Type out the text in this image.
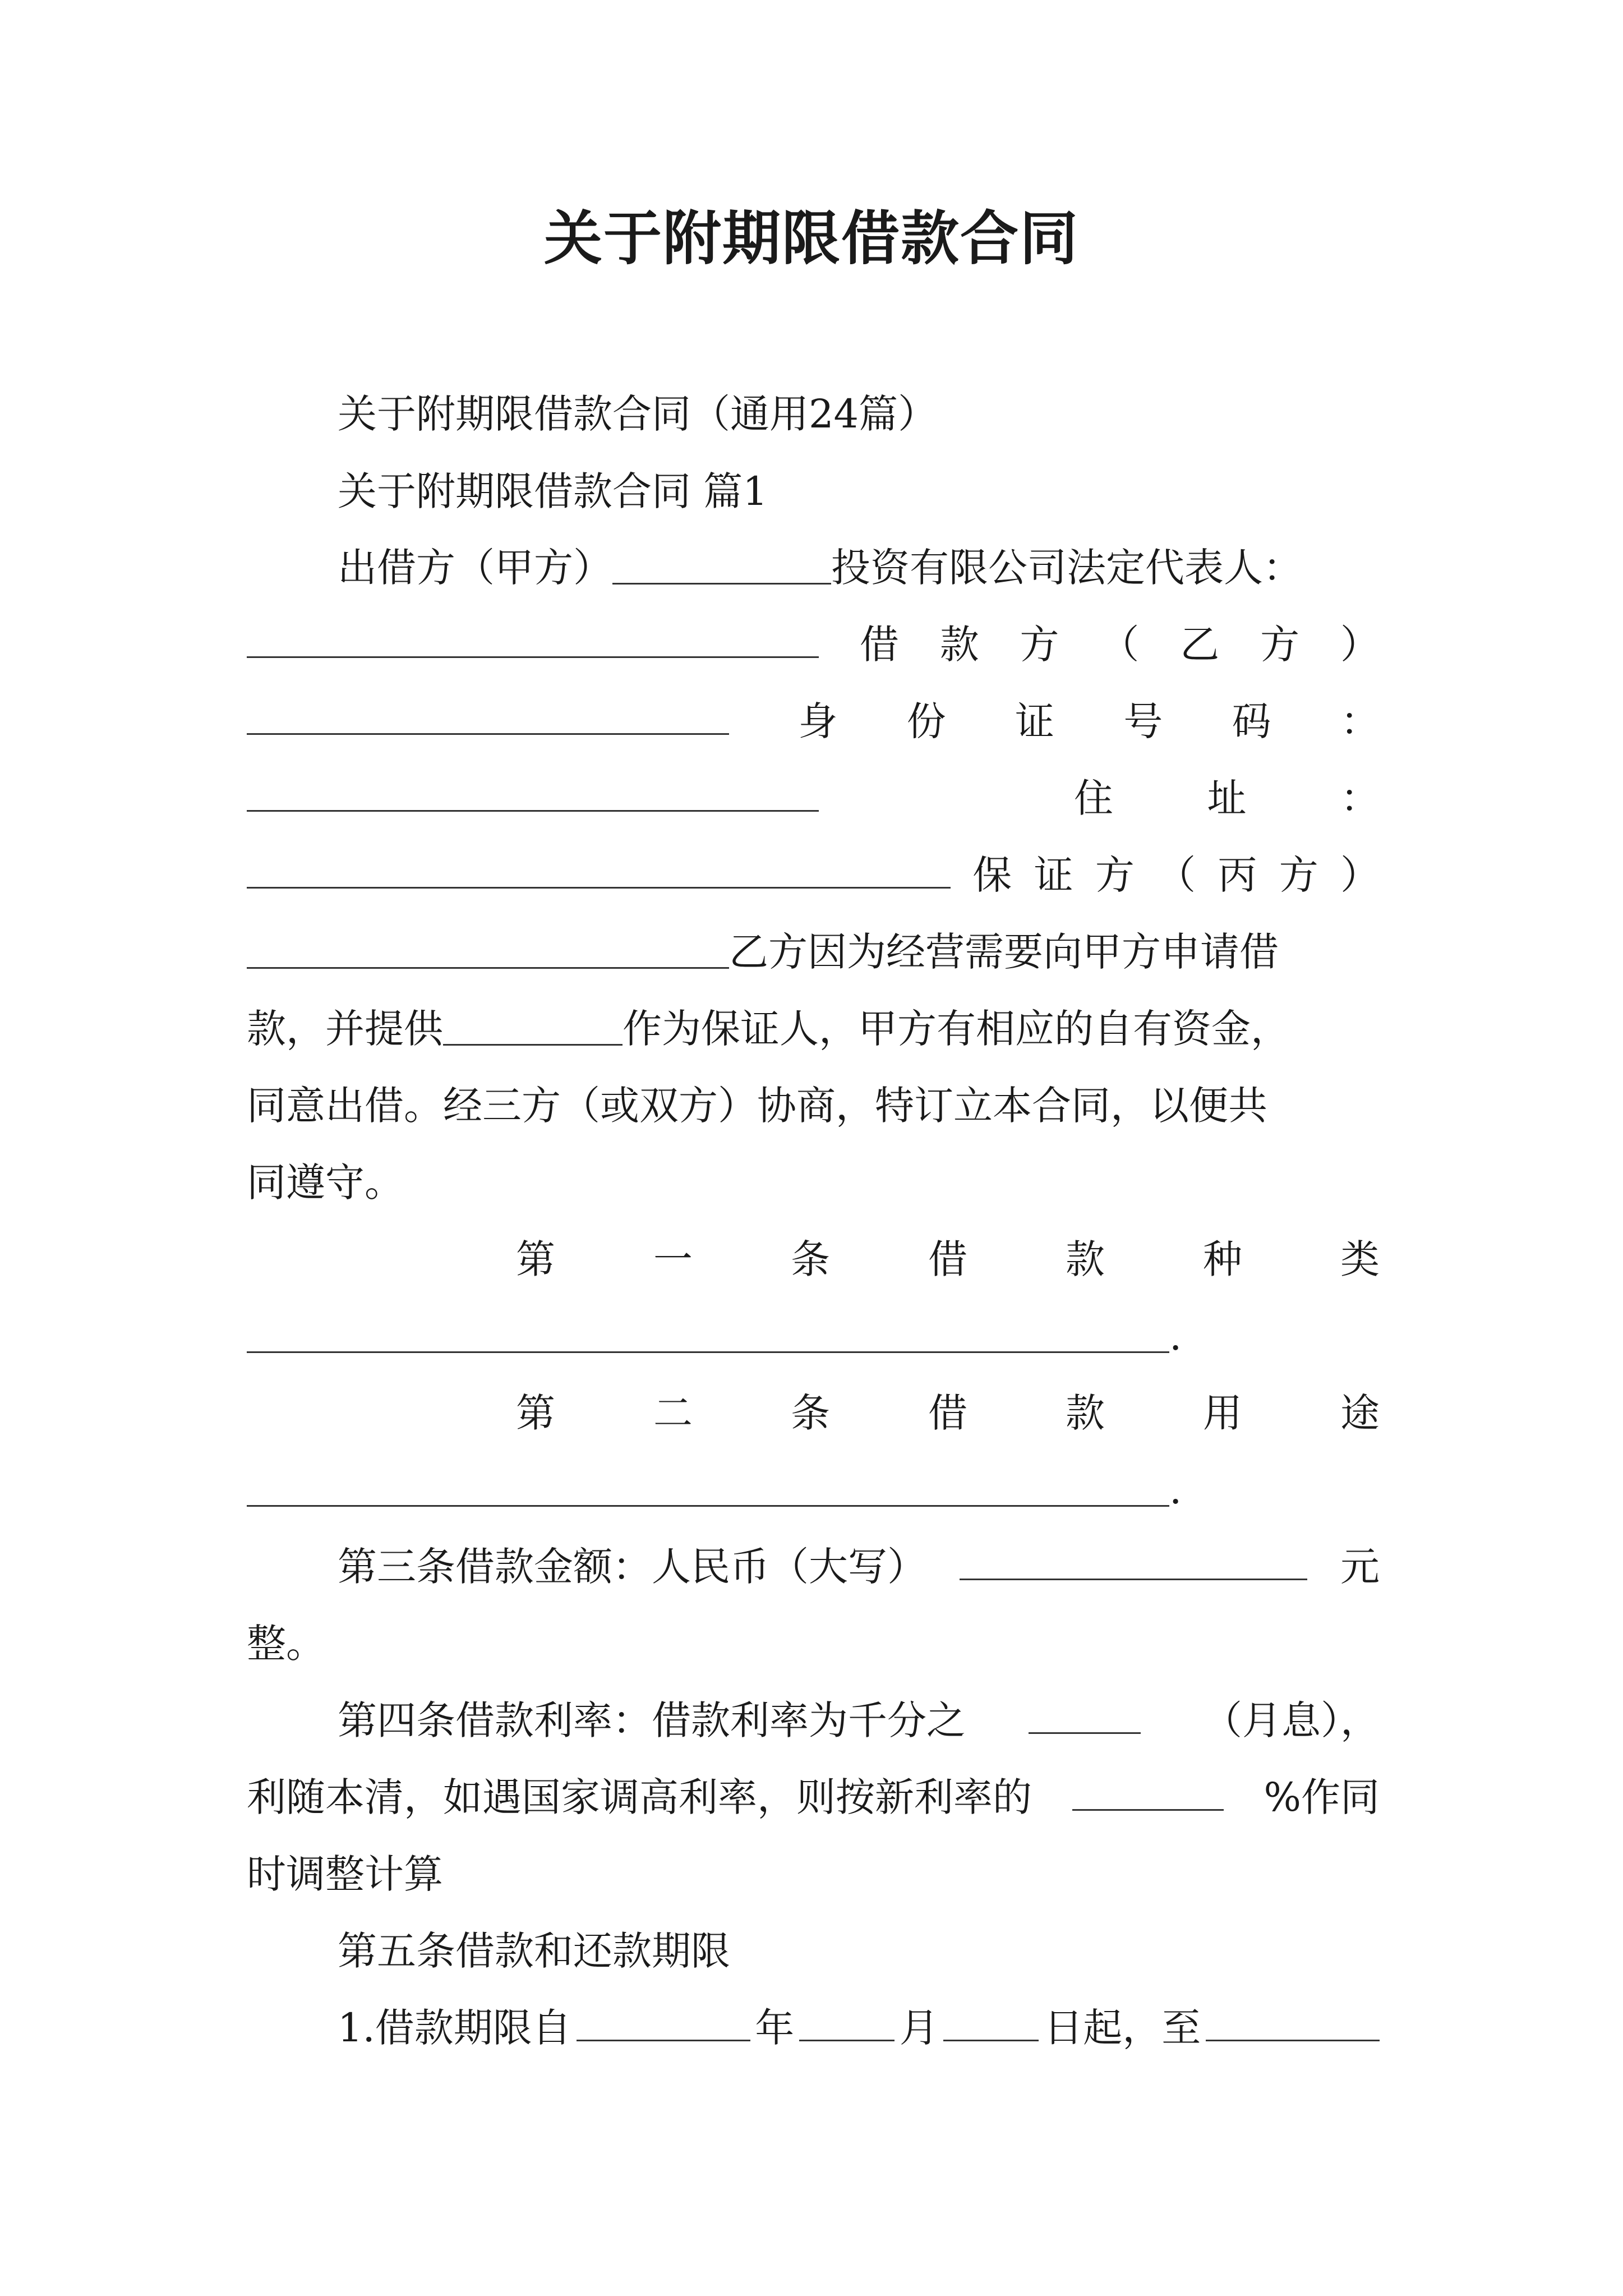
关于附期限借款合同
关于附期限借款合同（通用24篇）
关于附期限借款合同 篇1
出借方（甲方）	投资有限公司法定代表人：
借 款 方 （ 乙 方 ）
身 份 证 号 码 ：
住 址 ：
保 证 方 （ 丙 方 ）
乙方因为经营需要向甲方申请借
款，并提供	作为保证人，甲方有相应的自有资金，
同意出借。经三方（或双方）协商，特订立本合同，以便共
同遵守。
第	一	条	借	款	种	类
.
第	二	条	借	款	用	途
.
第三条借款金额：人民币（大写）	元
整。
第四条借款利率：借款利率为千分之	（月息），
利随本清，如遇国家调高利率，则按新利率的	%作同
时调整计算
第五条借款和还款期限
1.借款期限自	年	月	日起，至
